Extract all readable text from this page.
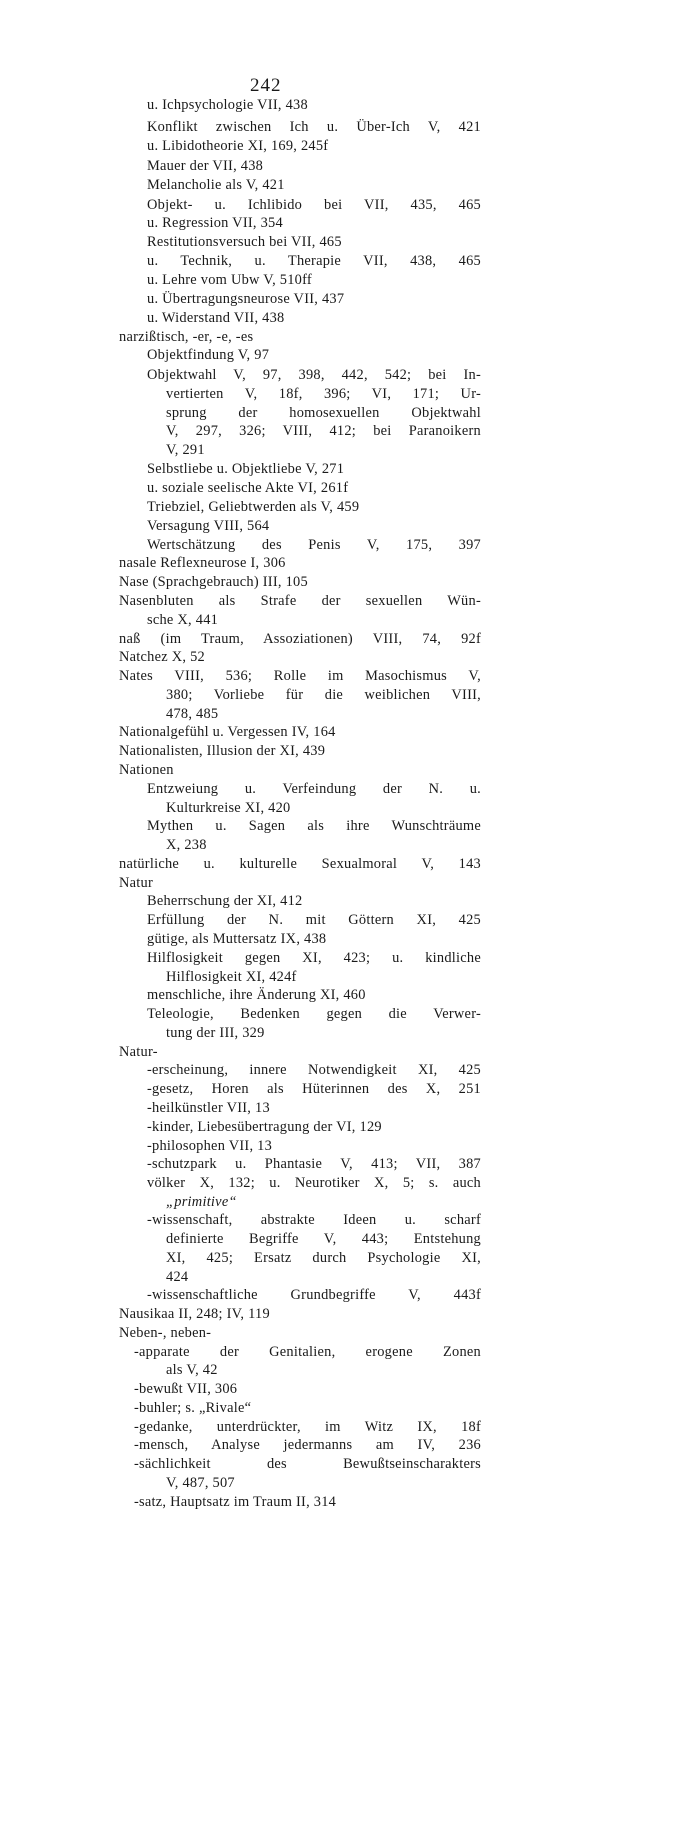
242
u. Ichpsychologie VII, 438
Konflikt zwischen Ich u. Über-Ich V, 421
u. Libidotheorie XI, 169, 245f
Mauer der VII, 438
Melancholie als V, 421
Objekt- u. Ichlibido bei VII, 435, 465
u. Regression VII, 354
Restitutionsversuch bei VII, 465
u. Technik, u. Therapie VII, 438, 465
u. Lehre vom Ubw V, 510ff
u. Übertragungsneurose VII, 437
u. Widerstand VII, 438
narzißtisch, -er, -e, -es
Objektfindung V, 97
Objektwahl V, 97, 398, 442, 542; bei In-
vertierten V, 18f, 396; VI, 171; Ur-
sprung der homosexuellen Objektwahl
V, 297, 326; VIII, 412; bei Paranoikern
V, 291
Selbstliebe u. Objektliebe V, 271
u. soziale seelische Akte VI, 261f
Triebziel, Geliebtwerden als V, 459
Versagung VIII, 564
Wertschätzung des Penis V, 175, 397
nasale Reflexneurose I, 306
Nase (Sprachgebrauch) III, 105
Nasenbluten als Strafe der sexuellen Wün-
sche X, 441
naß (im Traum, Assoziationen) VIII, 74, 92f
Natchez X, 52
Nates VIII, 536; Rolle im Masochismus V,
380; Vorliebe für die weiblichen VIII,
478, 485
Nationalgefühl u. Vergessen IV, 164
Nationalisten, Illusion der XI, 439
Nationen
Entzweiung u. Verfeindung der N. u.
Kulturkreise XI, 420
Mythen u. Sagen als ihre Wunschträume
X, 238
natürliche u. kulturelle Sexualmoral V, 143
Natur
Beherrschung der XI, 412
Erfüllung der N. mit Göttern XI, 425
gütige, als Muttersatz IX, 438
Hilflosigkeit gegen XI, 423; u. kindliche
Hilflosigkeit XI, 424f
menschliche, ihre Änderung XI, 460
Teleologie, Bedenken gegen die Verwer-
tung der III, 329
Natur-
-erscheinung, innere Notwendigkeit XI, 425
-gesetz, Horen als Hüterinnen des X, 251
-heilkünstler VII, 13
-kinder, Liebesübertragung der VI, 129
-philosophen VII, 13
-schutzpark u. Phantasie V, 413; VII, 387
völker X, 132; u. Neurotiker X, 5; s. auch
„primitive“
-wissenschaft, abstrakte Ideen u. scharf
definierte Begriffe V, 443; Entstehung
XI, 425; Ersatz durch Psychologie XI,
424
-wissenschaftliche Grundbegriffe V, 443f
Nausikaa II, 248; IV, 119
Neben-, neben-
-apparate der Genitalien, erogene Zonen
als V, 42
-bewußt VII, 306
-buhler; s. „Rivale“
-gedanke, unterdrückter, im Witz IX, 18f
-mensch, Analyse jedermanns am IV, 236
-sächlichkeit des Bewußtseinscharakters
V, 487, 507
-satz, Hauptsatz im Traum II, 314
